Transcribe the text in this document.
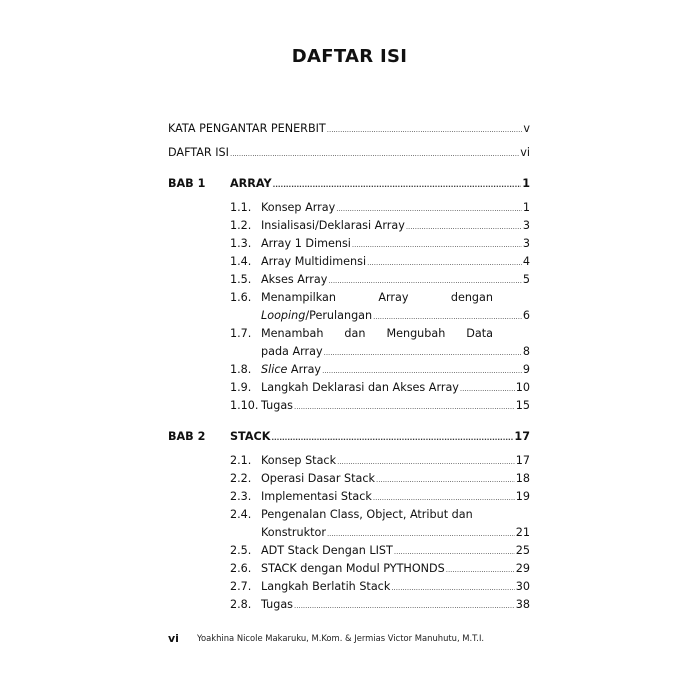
DAFTAR ISI
KATA PENGANTAR PENERBIT .....	v
DAFTAR ISI .....	vi
BAB 1 ARRAY .....	1
1.1. Konsep Array .....	1
1.2. Insialisasi/Deklarasi Array .....	3
1.3. Array 1 Dimensi .....	3
1.4. Array Multidimensi .....	4
1.5. Akses Array .....	5
1.6. Menampilkan	Array	dengan
Looping/Perulangan .....	6
1.7. Menambah dan Mengubah Data
pada Array .....	8
1.8. Slice Array .....	9
1.9. Langkah Deklarasi dan Akses Array .....	10
1.10. Tugas .....	15
BAB 2 STACK .....	17
2.1. Konsep Stack .....	17
2.2. Operasi Dasar Stack .....	18
2.3. Implementasi Stack .....	19
2.4. Pengenalan Class, Object, Atribut dan
Konstruktor .....	21
2.5. ADT Stack Dengan LIST .....	25
2.6. STACK dengan Modul PYTHONDS .....	29
2.7. Langkah Berlatih Stack .....	30
2.8. Tugas .....	38
vi Yoakhina Nicole Makaruku, M.Kom. & Jermias Victor Manuhutu, M.T.I.
